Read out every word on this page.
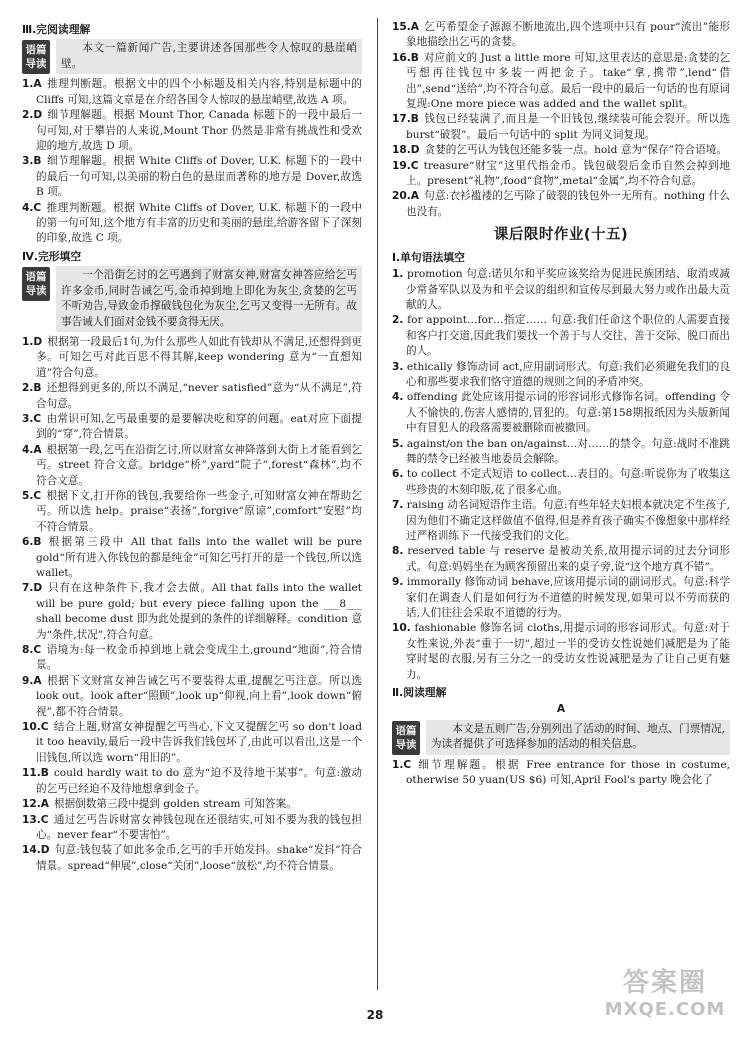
Ⅲ.完阅读理解
语篇导读
本文一篇新闻广告,主要讲述各国那些令人惊叹的悬崖峭壁。
1.A 推理判断题。根据文中的四个小标题及相关内容,特别是标题中的 Cliffs 可知,这篇文章是在介绍各国令人惊叹的悬崖峭壁,故选 A 项。
2.D 细节理解题。根据 Mount Thor, Canada 标题下的一段中最后一句可知,对于攀岩的人来说,Mount Thor 仍然是非常有挑战性和受欢迎的地方,故选 D 项。
3.B 细节理解题。根据 White Cliffs of Dover, U.K. 标题下的一段中的最后一句可知,以美丽的粉白色的悬崖而著称的地方是 Dover,故选 B 项。
4.C 推理判断题。根据 White Cliffs of Dover, U.K. 标题下的一段中的第一句可知,这个地方有丰富的历史和美丽的悬崖,给游客留下了深刻的印象,故选 C 项。
Ⅳ.完形填空
语篇导读
一个沿街乞讨的乞丐遇到了财富女神,财富女神答应给乞丐许多金币,同时告诫乞丐,金币掉到地上即化为灰尘,贪婪的乞丐不听劝告,导致金币撑破钱包化为灰尘,乞丐又变得一无所有。故事告诫人们面对金钱不要贪得无厌。
1.D 根据第一段最后1句,为什么那些人如此有钱却从不满足,还想得到更多。可知乞丐对此百思不得其解,keep wondering 意为“一直想知道”符合句意。
2.B 还想得到更多的,所以不满足,“never satisfied”意为“从不满足”,符合句意。
3.C 由常识可知,乞丐最重要的是要解决吃和穿的问题。eat对应下面提到的“穿”,符合情景。
4.A 根据第一段,乞丐在沿街乞讨,所以财富女神降落到大街上才能看到乞丐。street 符合文意。bridge“桥”,yard“院子”,forest“森林”,均不符合文意。
5.C 根据下文,打开你的钱包,我要给你一些金子,可知财富女神在帮助乞丐。所以选 help。praise“表扬”,forgive“原谅”,comfort“安慰”均不符合情景。
6.B 根据第三段中 All that falls into the wallet will be pure gold“所有进入你钱包的都是纯金”可知乞丐打开的是一个钱包,所以选 wallet。
7.D 只有在这种条件下,我才会去做。All that falls into the wallet will be pure gold; but every piece falling upon the ___8___ shall become dust 即为此处提到的条件的详细解释。condition 意为“条件,状况”,符合句意。
8.C 语境为:每一枚金币掉到地上就会变成尘土,ground“地面”,符合情景。
9.A 根据下文财富女神告诫乞丐不要装得太重,提醒乞丐注意。所以选 look out。look after“照顾”,look up“仰视,向上看”,look down“俯视”,都不符合情景。
10.C 结合上题,财富女神提醒乞丐当心,下文又提醒乞丐 so don't load it too heavily,最后一段中告诉我们钱包坏了,由此可以看出,这是一个旧钱包,所以选 worn“用旧的”。
11.B could hardly wait to do 意为“迫不及待地干某事”。句意:激动的乞丐已经迫不及待地想拿到金子。
12.A 根据倒数第三段中提到 golden stream 可知答案。
13.C 通过乞丐告诉财富女神钱包现在还很结实,可知不要为我的钱包担心。never fear“不要害怕”。
14.D 句意:钱包装了如此多金币,乞丐的手开始发抖。shake“发抖”符合情景。spread“伸展”,close“关闭”,loose“放松”,均不符合情景。
15.A 乞丐希望金子源源不断地流出,四个选项中只有 pour“流出”能形象地描绘出乞丐的贪婪。
16.B 对应前文的 Just a little more 可知,这里表达的意思是:贪婪的乞丐想再往钱包中多装一两把金子。take“拿,携带”,lend“借出”,send“送给”,均不符合句意。最后一段中的最后一句话的也有原词复现:One more piece was added and the wallet split。
17.B 钱包已经装满了,而且是一个旧钱包,继续装可能会裂开。所以选 burst“破裂”。最后一句话中的 split 为同义词复现。
18.D 贪婪的乞丐认为钱包还能多装一点。hold 意为“保存”符合语境。
19.C treasure“财宝”这里代指金币。钱包破裂后金币自然会掉到地上。present“礼物”,food“食物”,metal“金属”,均不符合句意。
20.A 句意:衣衫褴褛的乞丐除了破裂的钱包外一无所有。nothing 什么也没有。
课后限时作业(十五)
Ⅰ.单句语法填空
1. promotion 句意:诺贝尔和平奖应该奖给为促进民族团结、取消或减少常备军队以及为和平会议的组织和宣传尽到最大努力或作出最大贡献的人。
2. for appoint…for…指定…… 句意:我们任命这个职位的人需要直接和客户打交道,因此我们要找一个善于与人交往、善于交际、脱口而出的人。
3. ethically 修饰动词 act,应用副词形式。句意:我们必须避免我们的良心和那些要求我们恪守道德的规则之间的矛盾冲突。
4. offending 此处应该用提示词的形容词形式修饰名词。offending 令人不愉快的,伤害人感情的,冒犯的。句意:第158期报纸因为头版新闻中有冒犯人的段落需要被删除而被撤回。
5. against/on the ban on/against…对……的禁令。句意:战时不准跳舞的禁令已经被当地委员会解除。
6. to collect 不定式短语 to collect…表目的。句意:听说你为了收集这些珍贵的木刻印版,花了很多心血。
7. raising 动名词短语作主语。句意:有些年轻夫妇根本就决定不生孩子,因为他们不确定这样做值不值得,但是养育孩子确实不像想象中那样经过严格训练下一代接受我们的文化。
8. reserved table 与 reserve 是被动关系,故用提示词的过去分词形式。句意:妈妈坐在为顾客预留出来的桌子旁,说“这个地方真不错”。
9. immorally 修饰动词 behave,应该用提示词的副词形式。句意:科学家们在调查人们是如何行为不道德的时候发现,如果可以不劳而获的话,人们往往会采取不道德的行为。
10. fashionable 修饰名词 cloths,用提示词的形容词形式。句意:对于女性来说,外表“重于一切”,超过一半的受访女性说她们减肥是为了能穿时髦的衣服,另有三分之一的受访女性说减肥是为了让自己更有魅力。
Ⅱ.阅读理解
A
语篇导读
本文是五则广告,分别列出了活动的时间、地点、门票情况,为读者提供了可选择参加的活动的相关信息。
1.C 细节理解题。根据 Free entrance for those in costume, otherwise 50 yuan(US $6) 可知,April Fool's party 晚会化了
28
答案圈
MXQE.COM
